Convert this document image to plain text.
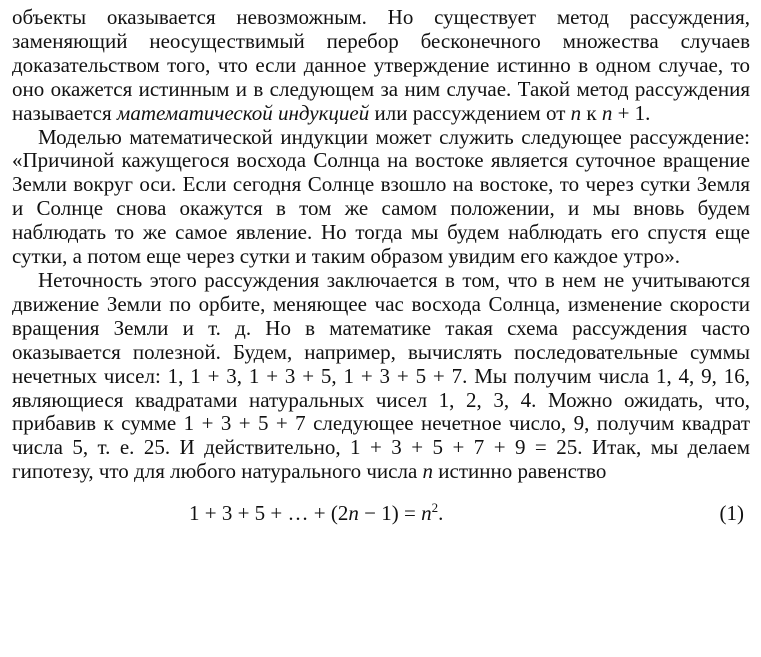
объекты оказывается невозможным. Но существует метод рассуждения, заменяющий неосуществимый перебор бесконечного множества случаев доказательством того, что если данное утверждение истинно в одном случае, то оно окажется истинным и в следующем за ним случае. Такой метод рассуждения называется математической индукцией или рассуждением от n к n + 1.

Моделью математической индукции может служить следующее рассуждение: «Причиной кажущегося восхода Солнца на востоке является суточное вращение Земли вокруг оси. Если сегодня Солнце взошло на востоке, то через сутки Земля и Солнце снова окажутся в том же самом положении, и мы вновь будем наблюдать то же самое явление. Но тогда мы будем наблюдать его спустя еще сутки, а потом еще через сутки и таким образом увидим его каждое утро».

Неточность этого рассуждения заключается в том, что в нем не учитываются движение Земли по орбите, меняющее час восхода Солнца, изменение скорости вращения Земли и т. д. Но в математике такая схема рассуждения часто оказывается полезной. Будем, например, вычислять последовательные суммы нечетных чисел: 1, 1 + 3, 1 + 3 + 5, 1 + 3 + 5 + 7. Мы получим числа 1, 4, 9, 16, являющиеся квадратами натуральных чисел 1, 2, 3, 4. Можно ожидать, что, прибавив к сумме 1 + 3 + 5 + 7 следующее нечетное число, 9, получим квадрат числа 5, т. е. 25. И действительно, 1 + 3 + 5 + 7 + 9 = 25. Итак, мы делаем гипотезу, что для любого натурального числа n истинно равенство

1 + 3 + 5 + … + $(2n - 1) = n^2$.	(1)
